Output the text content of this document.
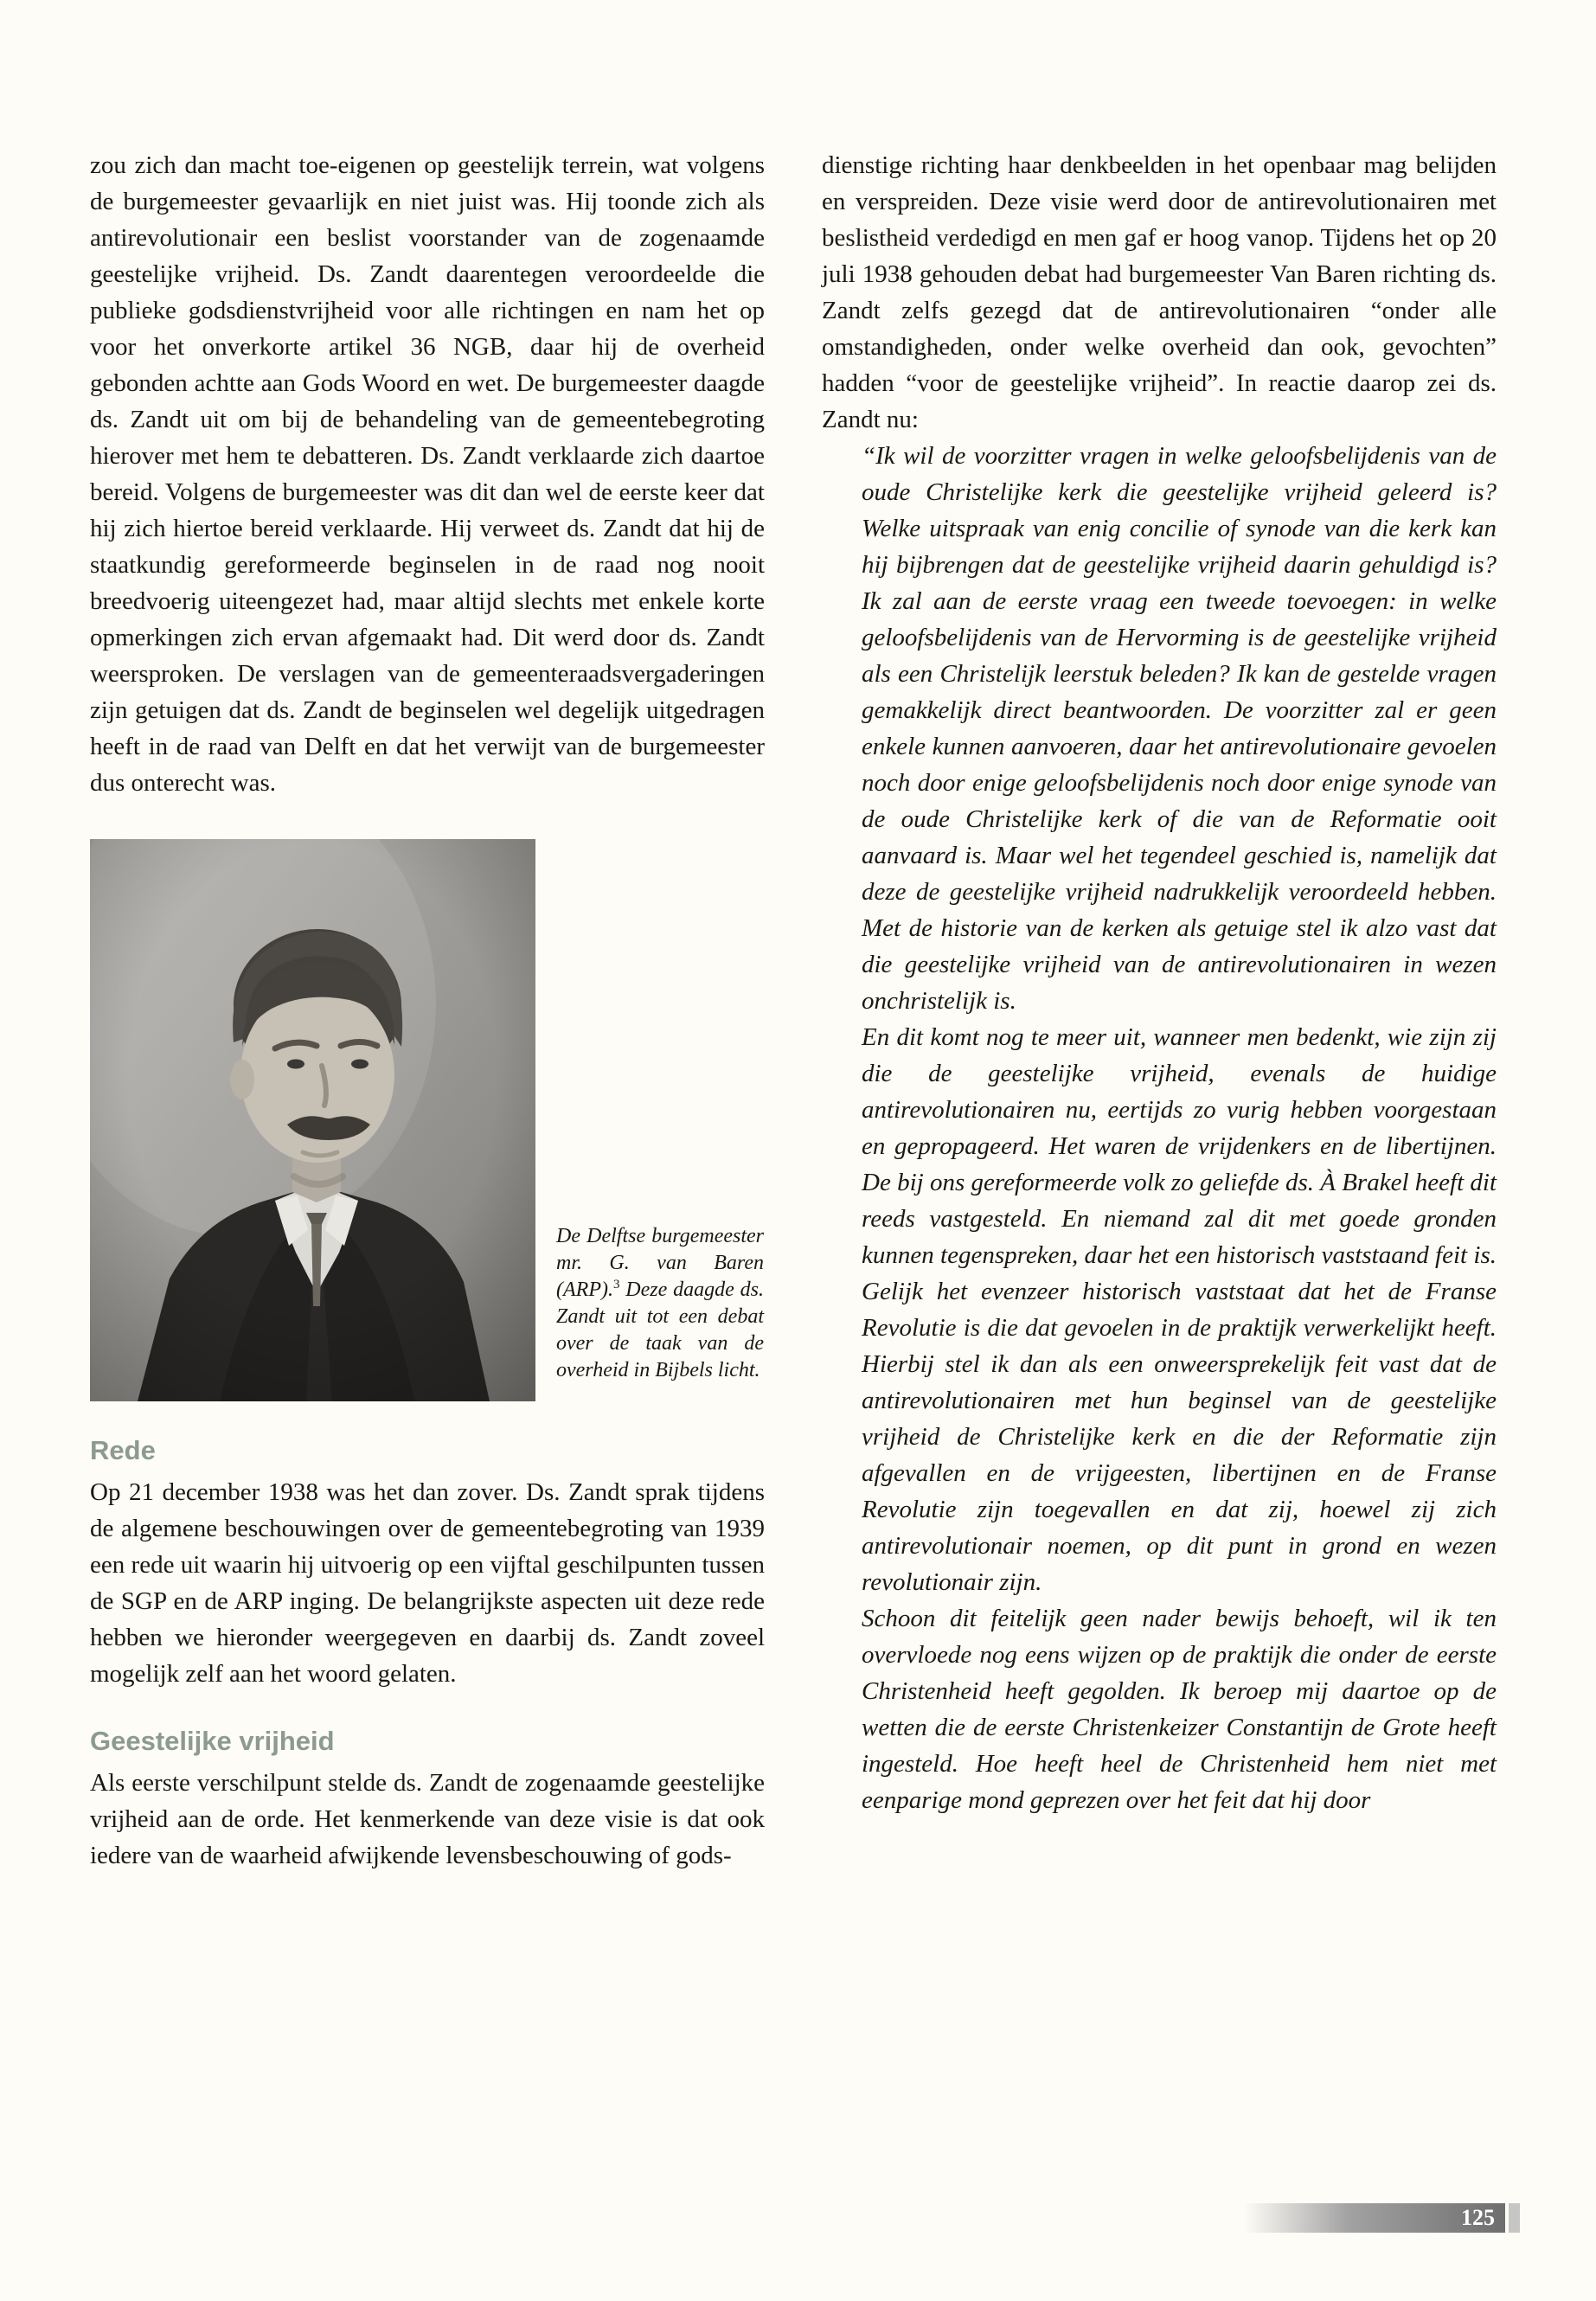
zou zich dan macht toe-eigenen op geestelijk terrein, wat volgens de burgemeester gevaarlijk en niet juist was. Hij toonde zich als antirevolutionair een beslist voorstander van de zogenaamde geestelijke vrijheid. Ds. Zandt daarentegen veroordeelde die publieke godsdienstvrijheid voor alle richtingen en nam het op voor het onverkorte artikel 36 NGB, daar hij de overheid gebonden achtte aan Gods Woord en wet. De burgemeester daagde ds. Zandt uit om bij de behandeling van de gemeentebegroting hierover met hem te debatteren. Ds. Zandt verklaarde zich daartoe bereid. Volgens de burgemeester was dit dan wel de eerste keer dat hij zich hiertoe bereid verklaarde. Hij verweet ds. Zandt dat hij de staatkundig gereformeerde beginselen in de raad nog nooit breedvoerig uiteengezet had, maar altijd slechts met enkele korte opmerkingen zich ervan afgemaakt had. Dit werd door ds. Zandt weersproken. De verslagen van de gemeenteraadsvergaderingen zijn getuigen dat ds. Zandt de beginselen wel degelijk uitgedragen heeft in de raad van Delft en dat het verwijt van de burgemeester dus onterecht was.

De Delftse burgemeester mr. G. van Baren (ARP).$^3$ Deze daagde ds. Zandt uit tot een debat over de taak van de overheid in Bijbels licht.
Rede

Op 21 december 1938 was het dan zover. Ds. Zandt sprak tijdens de algemene beschouwingen over de gemeentebegroting van 1939 een rede uit waarin hij uitvoerig op een vijftal geschilpunten tussen de SGP en de ARP inging. De belangrijkste aspecten uit deze rede hebben we hieronder weergegeven en daarbij ds. Zandt zoveel mogelijk zelf aan het woord gelaten.

Geestelijke vrijheid

Als eerste verschilpunt stelde ds. Zandt de zogenaamde geestelijke vrijheid aan de orde. Het kenmerkende van deze visie is dat ook iedere van de waarheid afwijkende levensbeschouwing of gods-

dienstige richting haar denkbeelden in het openbaar mag belijden en verspreiden. Deze visie werd door de antirevolutionairen met beslistheid verdedigd en men gaf er hoog vanop. Tijdens het op 20 juli 1938 gehouden debat had burgemeester Van Baren richting ds. Zandt zelfs gezegd dat de antirevolutionairen “onder alle omstandigheden, onder welke overheid dan ook, gevochten” hadden “voor de geestelijke vrijheid”. In reactie daarop zei ds. Zandt nu:

“Ik wil de voorzitter vragen in welke geloofsbelijdenis van de oude Christelijke kerk die geestelijke vrijheid geleerd is? Welke uitspraak van enig concilie of synode van die kerk kan hij bijbrengen dat de geestelijke vrijheid daarin gehuldigd is? Ik zal aan de eerste vraag een tweede toevoegen: in welke geloofsbelijdenis van de Hervorming is de geestelijke vrijheid als een Christelijk leerstuk beleden? Ik kan de gestelde vragen gemakkelijk direct beantwoorden. De voorzitter zal er geen enkele kunnen aanvoeren, daar het antirevolutionaire gevoelen noch door enige geloofsbelijdenis noch door enige synode van de oude Christelijke kerk of die van de Reformatie ooit aanvaard is. Maar wel het tegendeel geschied is, namelijk dat deze de geestelijke vrijheid nadrukkelijk veroordeeld hebben. Met de historie van de kerken als getuige stel ik alzo vast dat die geestelijke vrijheid van de antirevolutionairen in wezen onchristelijk is.

En dit komt nog te meer uit, wanneer men bedenkt, wie zijn zij die de geestelijke vrijheid, evenals de huidige antirevolutionairen nu, eertijds zo vurig hebben voorgestaan en gepropageerd. Het waren de vrijdenkers en de libertijnen. De bij ons gereformeerde volk zo geliefde ds. À Brakel heeft dit reeds vastgesteld. En niemand zal dit met goede gronden kunnen tegenspreken, daar het een historisch vaststaand feit is. Gelijk het evenzeer historisch vaststaat dat het de Franse Revolutie is die dat gevoelen in de praktijk verwerkelijkt heeft. Hierbij stel ik dan als een onweersprekelijk feit vast dat de antirevolutionairen met hun beginsel van de geestelijke vrijheid de Christelijke kerk en die der Reformatie zijn afgevallen en de vrijgeesten, libertijnen en de Franse Revolutie zijn toegevallen en dat zij, hoewel zij zich antirevolutionair noemen, op dit punt in grond en wezen revolutionair zijn.

Schoon dit feitelijk geen nader bewijs behoeft, wil ik ten overvloede nog eens wijzen op de praktijk die onder de eerste Christenheid heeft gegolden. Ik beroep mij daartoe op de wetten die de eerste Christenkeizer Constantijn de Grote heeft ingesteld. Hoe heeft heel de Christenheid hem niet met eenparige mond geprezen over het feit dat hij door

125
